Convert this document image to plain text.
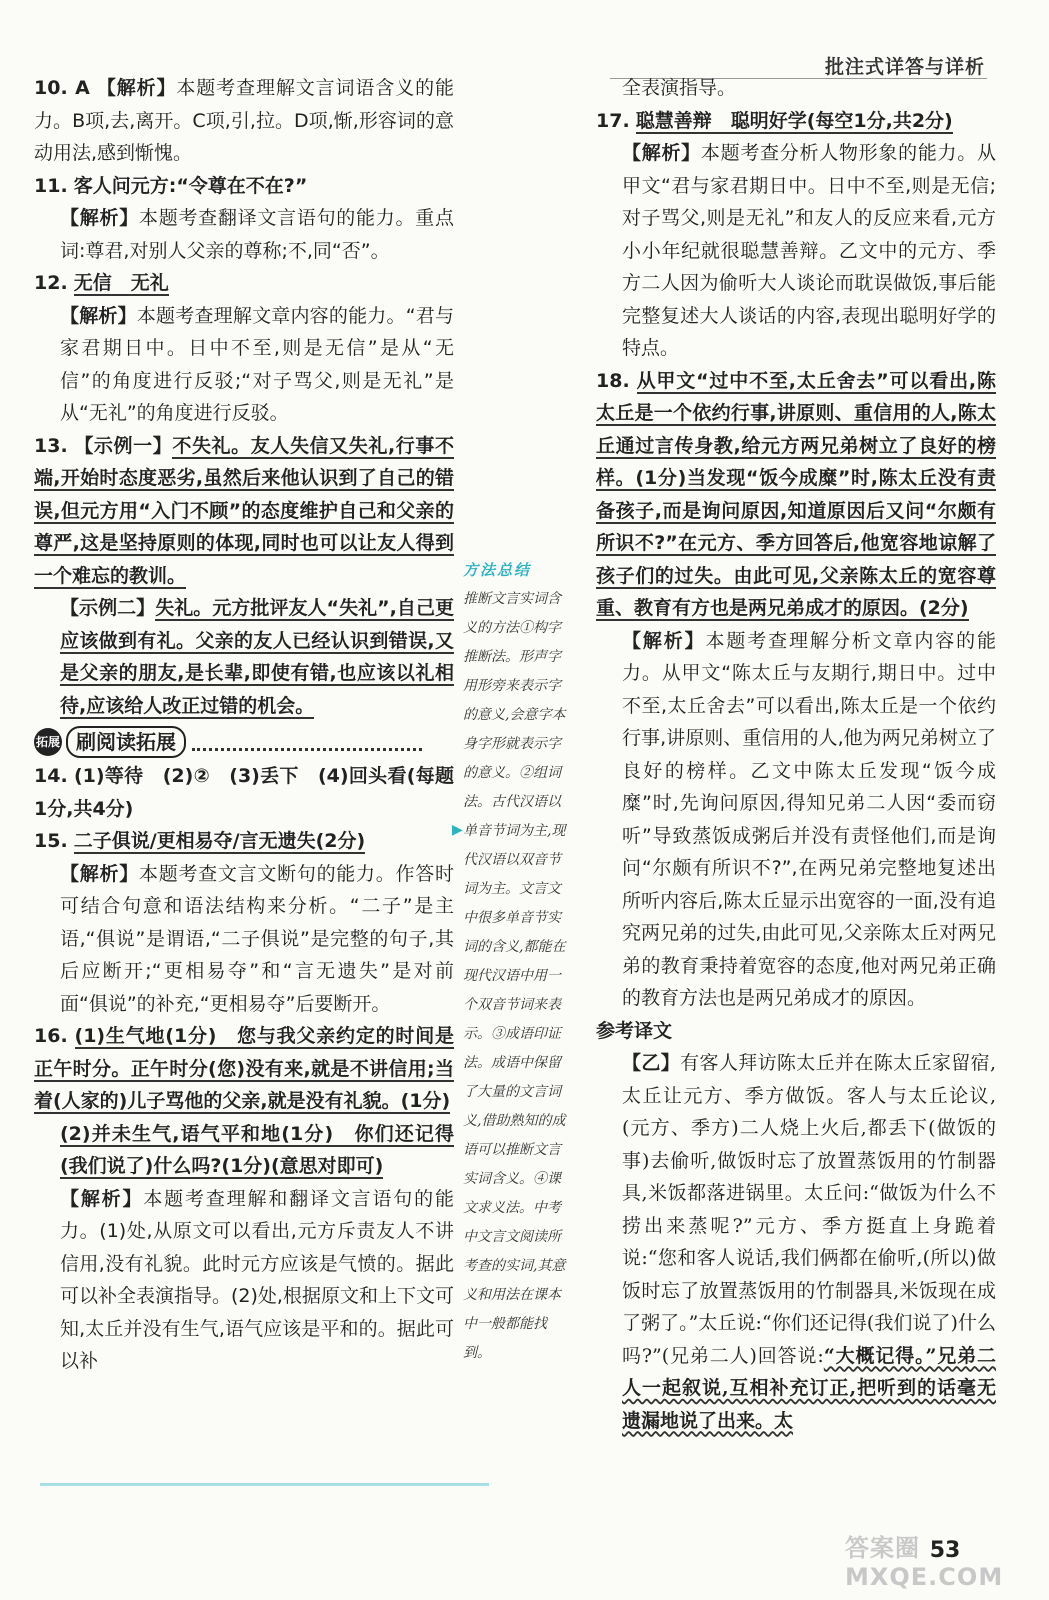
批注式详答与详析

10. A 【解析】本题考查理解文言词语含义的能力。B项,去,离开。C项,引,拉。D项,惭,形容词的意动用法,感到惭愧。

11. 客人问元方:“令尊在不在?”

【解析】本题考查翻译文言语句的能力。重点词:尊君,对别人父亲的尊称;不,同“否”。

12. 无信　无礼

【解析】本题考查理解文章内容的能力。“君与家君期日中。日中不至,则是无信”是从“无信”的角度进行反驳;“对子骂父,则是无礼”是从“无礼”的角度进行反驳。

13. 【示例一】不失礼。友人失信又失礼,行事不端,开始时态度恶劣,虽然后来他认识到了自己的错误,但元方用“入门不顾”的态度维护自己和父亲的尊严,这是坚持原则的体现,同时也可以让友人得到一个难忘的教训。

【示例二】失礼。元方批评友人“失礼”,自己更应该做到有礼。父亲的友人已经认识到错误,又是父亲的朋友,是长辈,即使有错,也应该以礼相待,应该给人改正过错的机会。

拓展 刷阅读拓展

14. (1)等待　(2)②　(3)丢下　(4)回头看(每题1分,共4分)

15. 二子俱说/更相易夺/言无遗失(2分)

【解析】本题考查文言文断句的能力。作答时可结合句意和语法结构来分析。“二子”是主语,“俱说”是谓语,“二子俱说”是完整的句子,其后应断开;“更相易夺”和“言无遗失”是对前面“俱说”的补充,“更相易夺”后要断开。

16. (1)生气地(1分)　您与我父亲约定的时间是正午时分。正午时分(您)没有来,就是不讲信用;当着(人家的)儿子骂他的父亲,就是没有礼貌。(1分)

(2)并未生气,语气平和地(1分)　你们还记得(我们说了)什么吗?(1分)(意思对即可)

【解析】本题考查理解和翻译文言语句的能力。(1)处,从原文可以看出,元方斥责友人不讲信用,没有礼貌。此时元方应该是气愤的。据此可以补全表演指导。(2)处,根据原文和上下文可知,太丘并没有生气,语气应该是平和的。据此可以补

方法总结
推断文言实词含义的方法①构字推断法。形声字用形旁来表示字的意义,会意字本身字形就表示字的意义。②组词法。古代汉语以单音节词为主,现代汉语以双音节词为主。文言文中很多单音节实词的含义,都能在现代汉语中用一个双音节词来表示。③成语印证法。成语中保留了大量的文言词义,借助熟知的成语可以推断文言实词含义。④课文求义法。中考中文言文阅读所考查的实词,其意义和用法在课本中一般都能找到。
▶

全表演指导。

17. 聪慧善辩　聪明好学(每空1分,共2分)

【解析】本题考查分析人物形象的能力。从甲文“君与家君期日中。日中不至,则是无信;对子骂父,则是无礼”和友人的反应来看,元方小小年纪就很聪慧善辩。乙文中的元方、季方二人因为偷听大人谈论而耽误做饭,事后能完整复述大人谈话的内容,表现出聪明好学的特点。

18. 从甲文“过中不至,太丘舍去”可以看出,陈太丘是一个依约行事,讲原则、重信用的人,陈太丘通过言传身教,给元方两兄弟树立了良好的榜样。(1分)当发现“饭今成糜”时,陈太丘没有责备孩子,而是询问原因,知道原因后又问“尔颇有所识不?”在元方、季方回答后,他宽容地谅解了孩子们的过失。由此可见,父亲陈太丘的宽容尊重、教育有方也是两兄弟成才的原因。(2分)

【解析】本题考查理解分析文章内容的能力。从甲文“陈太丘与友期行,期日中。过中不至,太丘舍去”可以看出,陈太丘是一个依约行事,讲原则、重信用的人,他为两兄弟树立了良好的榜样。乙文中陈太丘发现“饭今成糜”时,先询问原因,得知兄弟二人因“委而窃听”导致蒸饭成粥后并没有责怪他们,而是询问“尔颇有所识不?”,在两兄弟完整地复述出所听内容后,陈太丘显示出宽容的一面,没有追究两兄弟的过失,由此可见,父亲陈太丘对两兄弟的教育秉持着宽容的态度,他对两兄弟正确的教育方法也是两兄弟成才的原因。

参考译文

【乙】有客人拜访陈太丘并在陈太丘家留宿,太丘让元方、季方做饭。客人与太丘论议,(元方、季方)二人烧上火后,都丢下(做饭的事)去偷听,做饭时忘了放置蒸饭用的竹制器具,米饭都落进锅里。太丘问:“做饭为什么不捞出来蒸呢?”元方、季方挺直上身跪着说:“您和客人说话,我们俩都在偷听,(所以)做饭时忘了放置蒸饭用的竹制器具,米饭现在成了粥了。”太丘说:“你们还记得(我们说了)什么吗?”(兄弟二人)回答说:“大概记得。”兄弟二人一起叙说,互相补充订正,把听到的话毫无遗漏地说了出来。太

答案圈 MXQE.COM
53
